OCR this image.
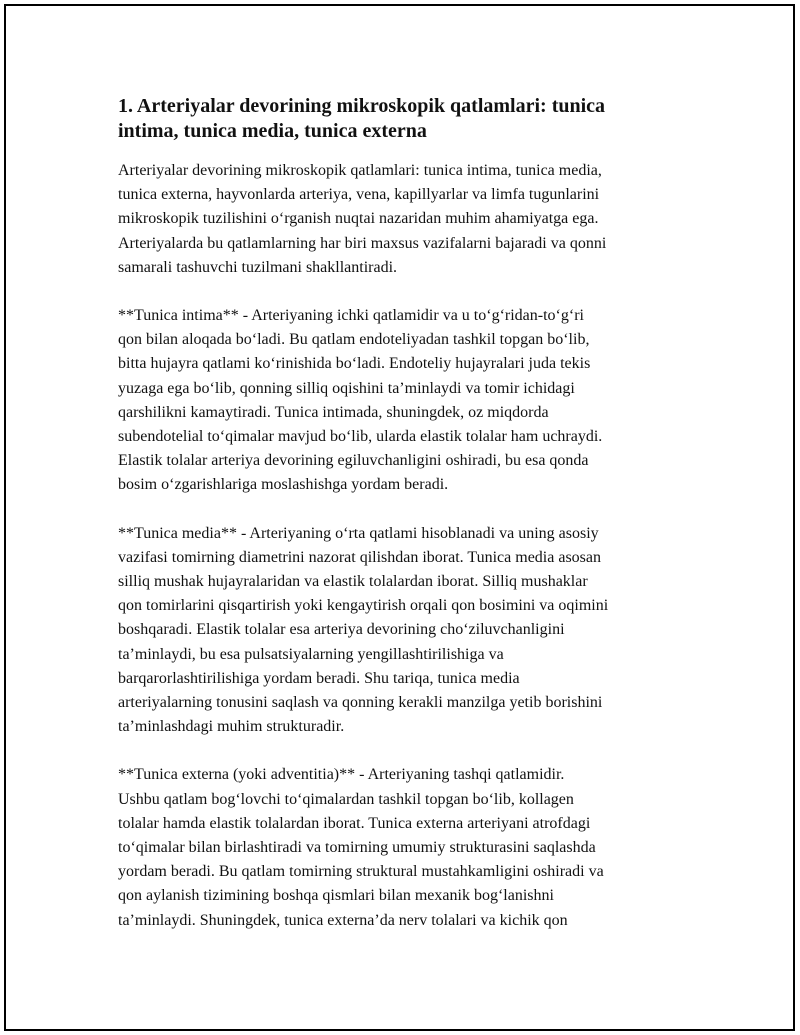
1. Arteriyalar devorining mikroskopik qatlamlari: tunica
intima, tunica media, tunica externa

Arteriyalar devorining mikroskopik qatlamlari: tunica intima, tunica media,
tunica externa, hayvonlarda arteriya, vena, kapillyarlar va limfa tugunlarini
mikroskopik tuzilishini o‘rganish nuqtai nazaridan muhim ahamiyatga ega.
Arteriyalarda bu qatlamlarning har biri maxsus vazifalarni bajaradi va qonni
samarali tashuvchi tuzilmani shakllantiradi.

**Tunica intima** - Arteriyaning ichki qatlamidir va u to‘g‘ridan-to‘g‘ri
qon bilan aloqada bo‘ladi. Bu qatlam endoteliyadan tashkil topgan bo‘lib,
bitta hujayra qatlami ko‘rinishida bo‘ladi. Endoteliy hujayralari juda tekis
yuzaga ega bo‘lib, qonning silliq oqishini ta’minlaydi va tomir ichidagi
qarshilikni kamaytiradi. Tunica intimada, shuningdek, oz miqdorda
subendotelial to‘qimalar mavjud bo‘lib, ularda elastik tolalar ham uchraydi.
Elastik tolalar arteriya devorining egiluvchanligini oshiradi, bu esa qonda
bosim o‘zgarishlariga moslashishga yordam beradi.

**Tunica media** - Arteriyaning o‘rta qatlami hisoblanadi va uning asosiy
vazifasi tomirning diametrini nazorat qilishdan iborat. Tunica media asosan
silliq mushak hujayralaridan va elastik tolalardan iborat. Silliq mushaklar
qon tomirlarini qisqartirish yoki kengaytirish orqali qon bosimini va oqimini
boshqaradi. Elastik tolalar esa arteriya devorining cho‘ziluvchanligini
ta’minlaydi, bu esa pulsatsiyalarning yengillashtirilishiga va
barqarorlashtirilishiga yordam beradi. Shu tariqa, tunica media
arteriyalarning tonusini saqlash va qonning kerakli manzilga yetib borishini
ta’minlashdagi muhim strukturadir.

**Tunica externa (yoki adventitia)** - Arteriyaning tashqi qatlamidir.
Ushbu qatlam bog‘lovchi to‘qimalardan tashkil topgan bo‘lib, kollagen
tolalar hamda elastik tolalardan iborat. Tunica externa arteriyani atrofdagi
to‘qimalar bilan birlashtiradi va tomirning umumiy strukturasini saqlashda
yordam beradi. Bu qatlam tomirning struktural mustahkamligini oshiradi va
qon aylanish tizimining boshqa qismlari bilan mexanik bog‘lanishni
ta’minlaydi. Shuningdek, tunica externa’da nerv tolalari va kichik qon
